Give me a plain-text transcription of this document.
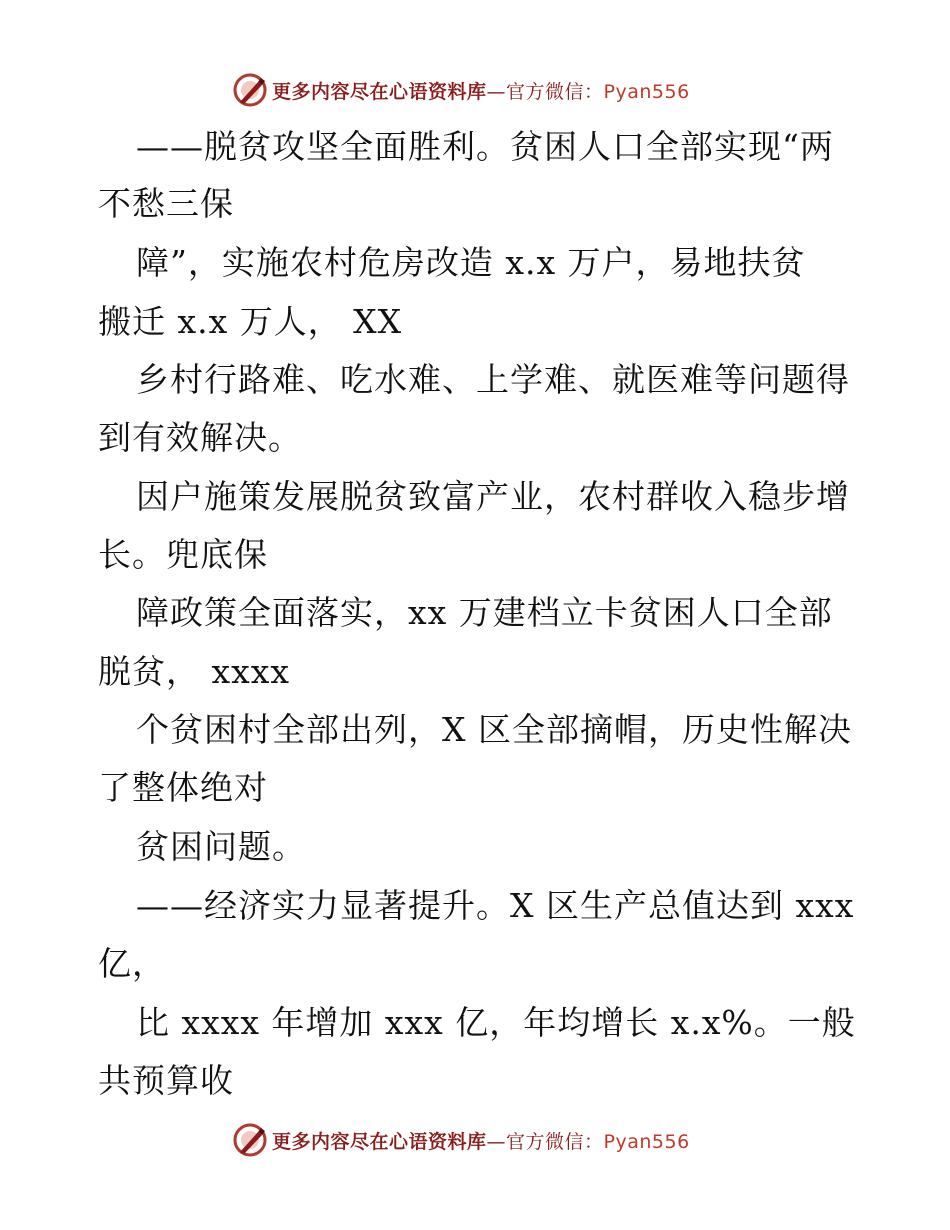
更多内容尽在心语资料库—官方微信：Pyan556
——脱贫攻坚全面胜利。贫困人口全部实现“两
不愁三保
障”，实施农村危房改造 x.x 万户，易地扶贫
搬迁 x.x 万人， XX
乡村行路难、吃水难、上学难、就医难等问题得
到有效解决。
因户施策发展脱贫致富产业，农村群收入稳步增
长。兜底保
障政策全面落实，xx 万建档立卡贫困人口全部
脱贫， xxxx
个贫困村全部出列，X 区全部摘帽，历史性解决
了整体绝对
贫困问题。
——经济实力显著提升。X 区生产总值达到 xxx
亿，
比 xxxx 年增加 xxx 亿，年均增长 x.x%。一般
共预算收
更多内容尽在心语资料库—官方微信：Pyan556
